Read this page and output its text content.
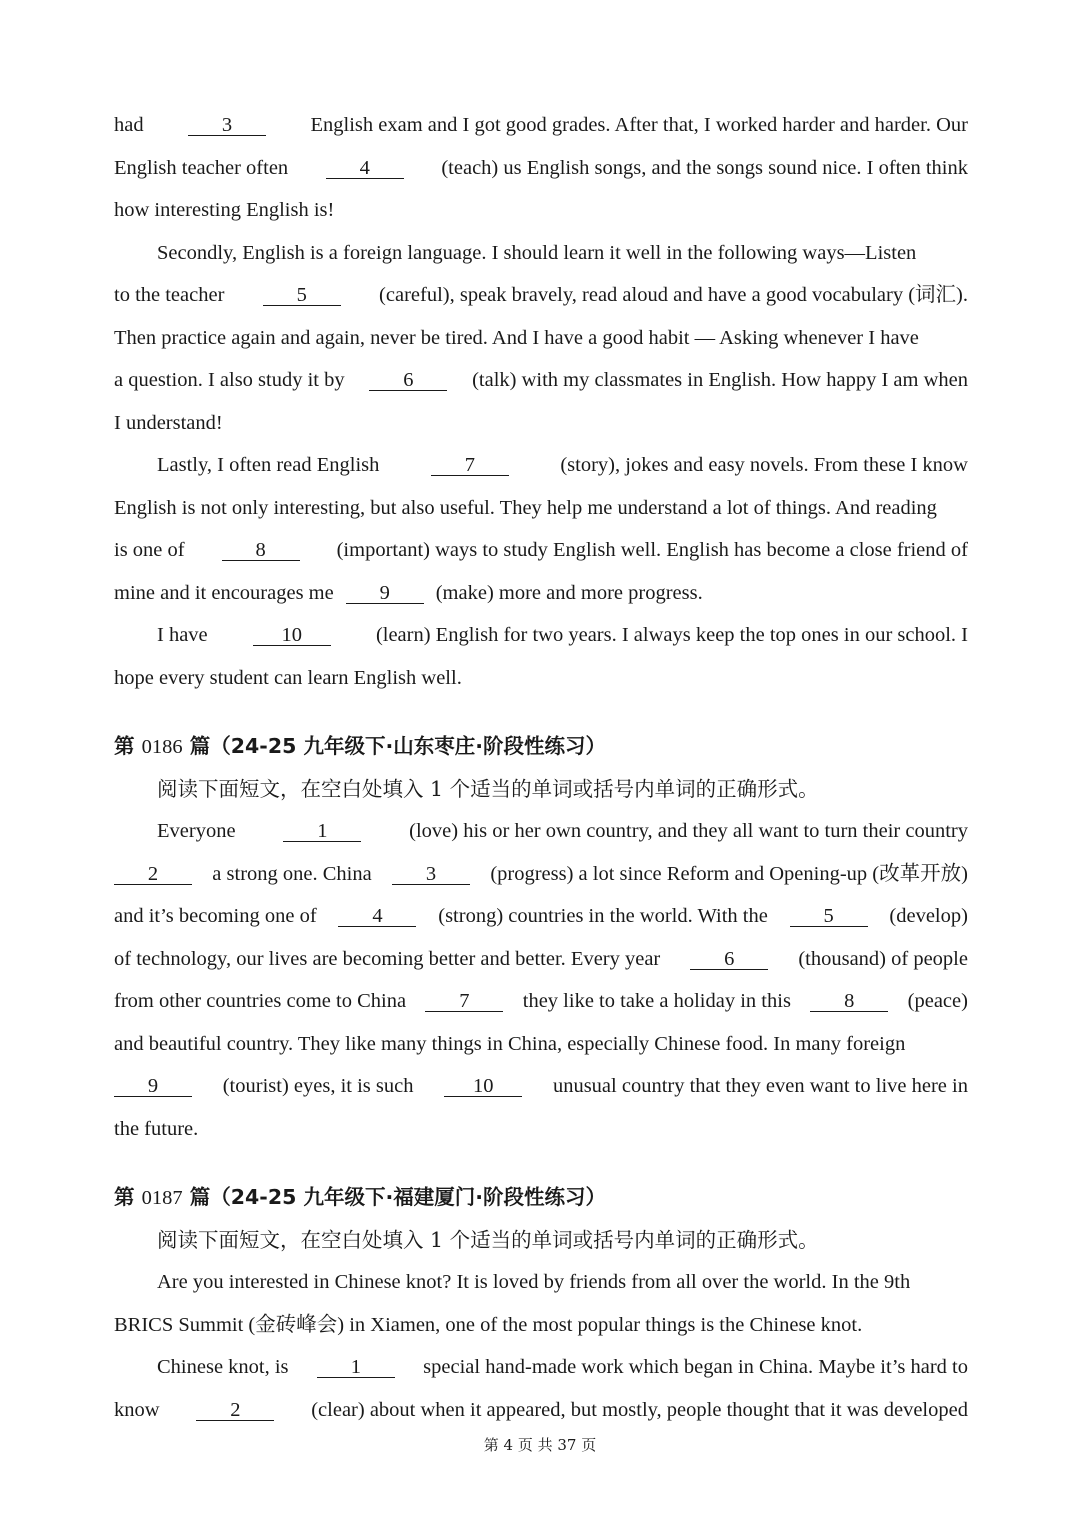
had	3	English exam and I got good grades. After that, I worked harder and harder. Our
English teacher often	4	(teach) us English songs, and the songs sound nice. I often think
how interesting English is!
Secondly, English is a foreign language. I should learn it well in the following ways—Listen
to the teacher	5	(careful), speak bravely, read aloud and have a good vocabulary (词汇).
Then practice again and again, never be tired. And I have a good habit — Asking whenever I have
a question. I also study it by	6	(talk) with my classmates in English. How happy I am when
I understand!
Lastly, I often read English	7	(story), jokes and easy novels. From these I know
English is not only interesting, but also useful. They help me understand a lot of things. And reading
is one of	8	(important) ways to study English well. English has become a close friend of
mine and it encourages me	9	(make) more and more progress.
I have	10	(learn) English for two years. I always keep the top ones in our school. I
hope every student can learn English well.
第 0186 篇（24-25 九年级下·山东枣庄·阶段性练习）
阅读下面短文，在空白处填入 1 个适当的单词或括号内单词的正确形式。
Everyone	1	(love) his or her own country, and they all want to turn their country
2	a strong one. China	3	(progress) a lot since Reform and Opening-up (改革开放)
and it’s becoming one of	4	(strong) countries in the world. With the	5	(develop)
of technology, our lives are becoming better and better. Every year	6	(thousand) of people
from other countries come to China	7	they like to take a holiday in this	8	(peace)
and beautiful country. They like many things in China, especially Chinese food. In many foreign
9	(tourist) eyes, it is such	10	unusual country that they even want to live here in
the future.
第 0187 篇（24-25 九年级下·福建厦门·阶段性练习）
阅读下面短文，在空白处填入 1 个适当的单词或括号内单词的正确形式。
Are you interested in Chinese knot? It is loved by friends from all over the world. In the 9th
BRICS Summit (金砖峰会) in Xiamen, one of the most popular things is the Chinese knot.
Chinese knot, is	1	special hand-made work which began in China. Maybe it’s hard to
know	2	(clear) about when it appeared, but mostly, people thought that it was developed
第 4 页 共 37 页
